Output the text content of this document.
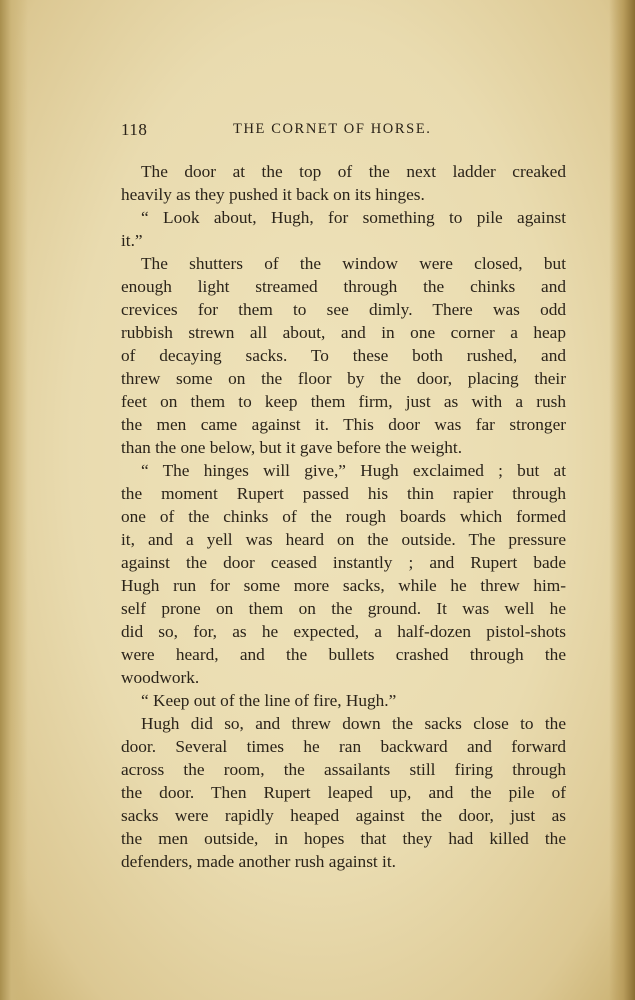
118	THE CORNET OF HORSE.
The door at the top of the next ladder creaked
heavily as they pushed it back on its hinges.
“ Look about, Hugh, for something to pile against
it.”
The shutters of the window were closed, but
enough light streamed through the chinks and
crevices for them to see dimly. There was odd
rubbish strewn all about, and in one corner a heap
of decaying sacks. To these both rushed, and
threw some on the floor by the door, placing their
feet on them to keep them firm, just as with a rush
the men came against it. This door was far stronger
than the one below, but it gave before the weight.
“ The hinges will give,” Hugh exclaimed ; but at
the moment Rupert passed his thin rapier through
one of the chinks of the rough boards which formed
it, and a yell was heard on the outside. The pressure
against the door ceased instantly ; and Rupert bade
Hugh run for some more sacks, while he threw him-
self prone on them on the ground. It was well he
did so, for, as he expected, a half-dozen pistol-shots
were heard, and the bullets crashed through the
woodwork.
“ Keep out of the line of fire, Hugh.”
Hugh did so, and threw down the sacks close to the
door. Several times he ran backward and forward
across the room, the assailants still firing through
the door. Then Rupert leaped up, and the pile of
sacks were rapidly heaped against the door, just as
the men outside, in hopes that they had killed the
defenders, made another rush against it.
